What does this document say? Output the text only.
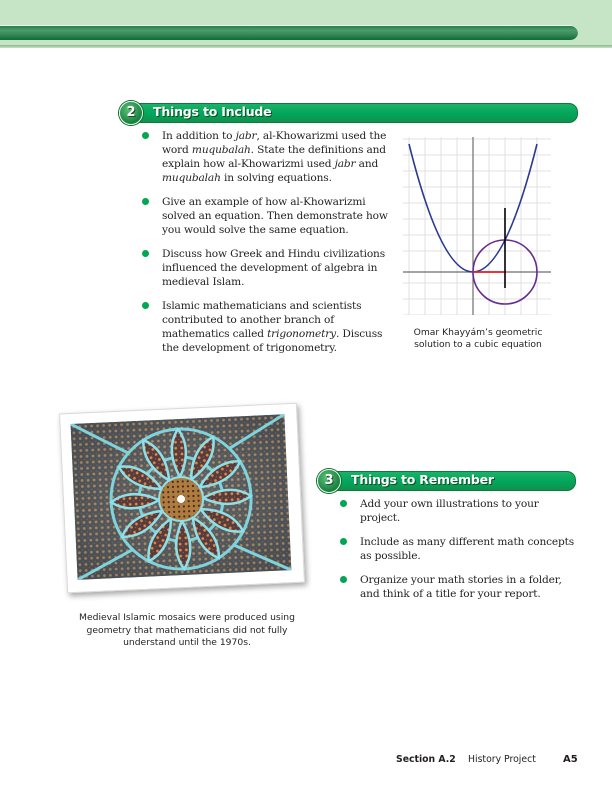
2	Things to Include
In addition to jabr, al-Khowarizmi used the word muqubalah. State the definitions and explain how al-Khowarizmi used jabr and muqubalah in solving equations.
Give an example of how al-Khowarizmi solved an equation. Then demonstrate how you would solve the same equation.
Discuss how Greek and Hindu civilizations influenced the development of algebra in medieval Islam.
Islamic mathematicians and scientists contributed to another branch of mathematics called trigonometry. Discuss the development of trigonometry.
Omar Khayyám’s geometric
solution to a cubic equation
Medieval Islamic mosaics were produced using geometry that mathematicians did not fully understand until the 1970s.
3	Things to Remember
Add your own illustrations to your project.
Include as many different math concepts as possible.
Organize your math stories in a folder, and think of a title for your report.
Section A.2 History Project	A5
